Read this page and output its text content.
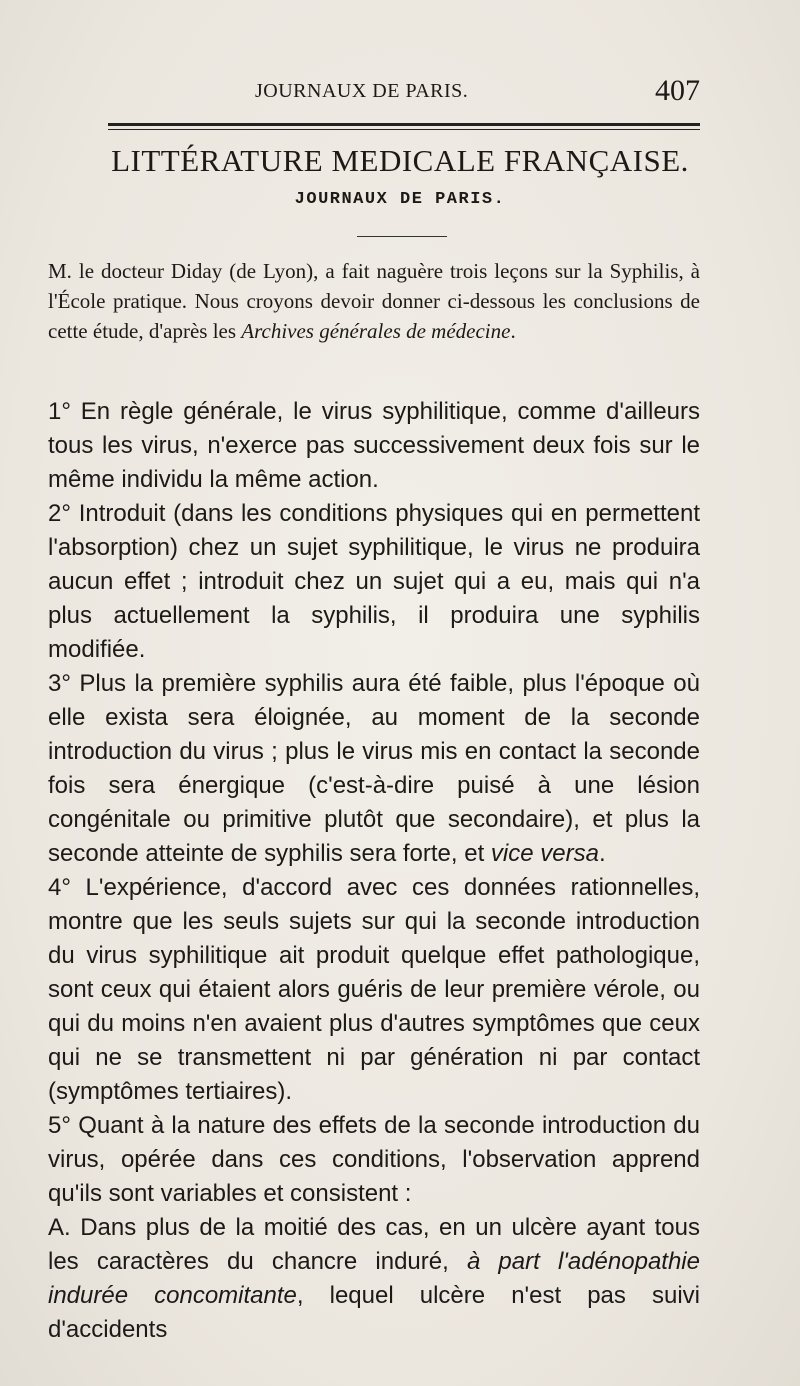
JOURNAUX DE PARIS.	407
LITTÉRATURE MEDICALE FRANÇAISE.
JOURNAUX DE PARIS.
M. le docteur Diday (de Lyon), a fait naguère trois leçons sur la Syphilis, à l'École pratique. Nous croyons devoir donner ci-dessous les conclusions de cette étude, d'après les Archives générales de médecine.

1° En règle générale, le virus syphilitique, comme d'ailleurs tous les virus, n'exerce pas successivement deux fois sur le même individu la même action.

2° Introduit (dans les conditions physiques qui en permettent l'absorption) chez un sujet syphilitique, le virus ne produira aucun effet ; introduit chez un sujet qui a eu, mais qui n'a plus actuellement la syphilis, il produira une syphilis modifiée.

3° Plus la première syphilis aura été faible, plus l'époque où elle exista sera éloignée, au moment de la seconde introduction du virus ; plus le virus mis en contact la seconde fois sera énergique (c'est-à-dire puisé à une lésion congénitale ou primitive plutôt que secondaire), et plus la seconde atteinte de syphilis sera forte, et vice versa.

4° L'expérience, d'accord avec ces données rationnelles, montre que les seuls sujets sur qui la seconde introduction du virus syphilitique ait produit quelque effet pathologique, sont ceux qui étaient alors guéris de leur première vérole, ou qui du moins n'en avaient plus d'autres symptômes que ceux qui ne se transmettent ni par génération ni par contact (symptômes tertiaires).

5° Quant à la nature des effets de la seconde introduction du virus, opérée dans ces conditions, l'observation apprend qu'ils sont variables et consistent :

A. Dans plus de la moitié des cas, en un ulcère ayant tous les caractères du chancre induré, à part l'adénopathie indurée concomitante, lequel ulcère n'est pas suivi d'accidents
